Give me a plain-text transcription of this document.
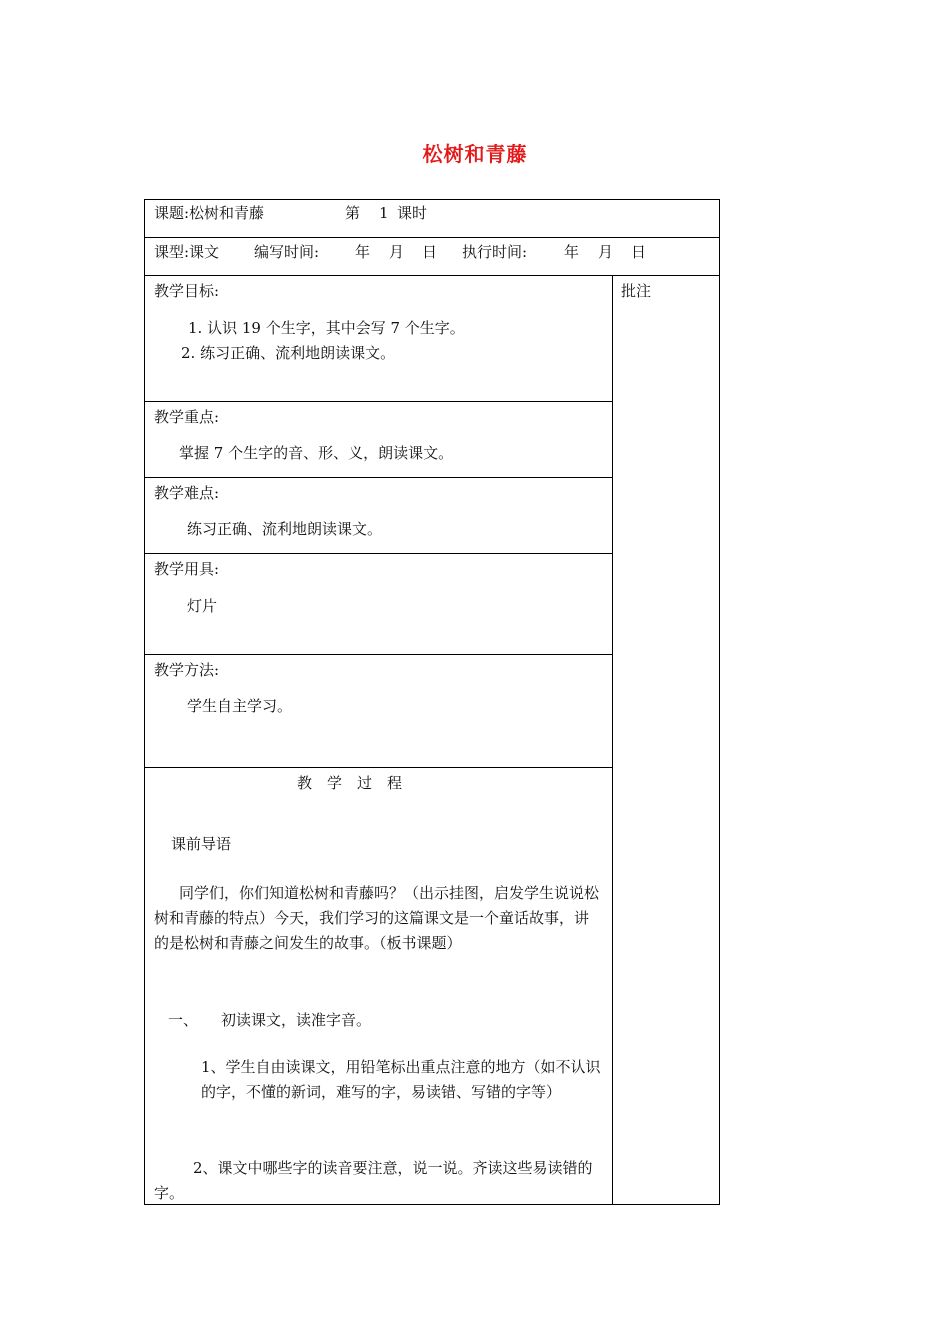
松树和青藤
课题:松树和青藤	第 1 课时
课型:课文 编写时间: 年 月 日 执行时间: 年 月 日
批注
教学目标:
1. 认识 19 个生字，其中会写 7 个生字。
2. 练习正确、流利地朗读课文。
教学重点:
掌握 7 个生字的音、形、义，朗读课文。
教学难点:
练习正确、流利地朗读课文。
教学用具:
灯片
教学方法:
学生自主学习。
教　学　过　程
课前导语
同学们，你们知道松树和青藤吗？（出示挂图，启发学生说说松树和青藤的特点）今天，我们学习的这篇课文是一个童话故事，讲的是松树和青藤之间发生的故事。（板书课题）
一、 初读课文，读准字音。
1、学生自由读课文，用铅笔标出重点注意的地方（如不认识的字，不懂的新词，难写的字，易读错、写错的字等）
2、课文中哪些字的读音要注意，说一说。齐读这些易读错的字。
